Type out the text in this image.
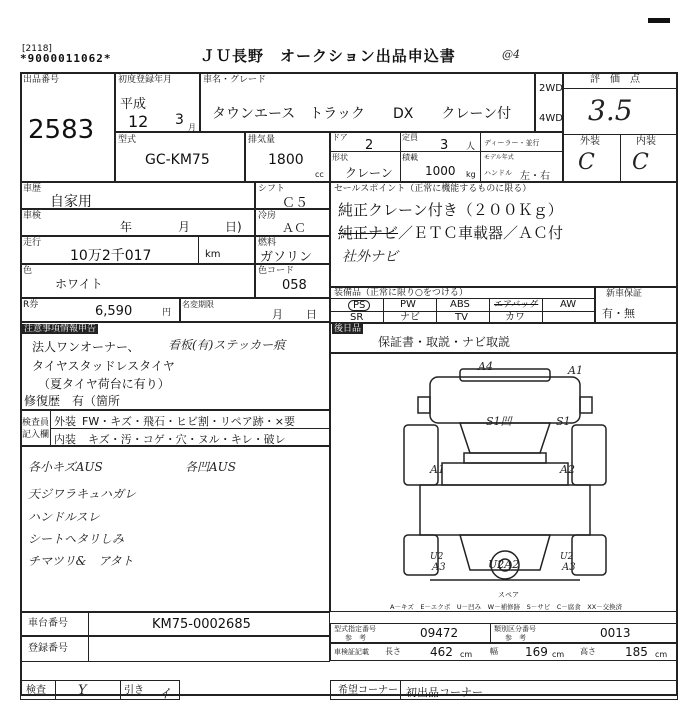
[2118]
*9000011062*	ＪＵ長野　オークション出品申込書	@4
出品番号
2583
初度登録年月
平成
12 3 月
車名・グレード
タウンエース　トラック　　DX　　クレーン付
2WD
4WD
評　価　点
3.5
外装	内装
C C
型式
GC-KM75
排気量
1800
cc
ドア
2
定員
3 人 ディーラー・並行
形状
クレーン
積載
1000 kg
モデル年式
ハンドル 左・右
車歴
自家用
シフト
Ｃ５
車検
年	月	日)
冷房
ＡＣ
走行
10万2千017	km
燃料
ガソリン
色
ホワイト
色コード
058
R券	6,590	円
名変期限
月 日
セールスポイント（正常に機能するものに限る）
純正クレーン付き（２００Ｋｇ）
純正ナビ／ＥＴＣ車載器／ＡＣ付
社外ナビ
装備品（正常に限り○をつける）
PS	PW	ABS	エアバッグ AW
SR	ナビ	TV	カワ
新車保証
有・無
注意事項情報申告
法人ワンオーナー、 看板(有)ステッカー痕
タイヤスタッドレスタイヤ
（夏タイヤ荷台に有り）
修復歴　有（箇所
後日品
保証書・取説・ナビ取説
検査員
記入欄
外装 FW・キズ・飛石・ヒビ割・リペア跡・×要
内装 キズ・汚・コゲ・穴・ヌル・キレ・破レ
各小キズAUS	各凹AUS
天ジワラキュハガレ
ハンドルスレ
シートヘタリしみ
チマツリ&　アタト
A4	A1
S1凹	S1
A1	A2
U2
A3	U2A2
U2
A3
スペア
A－キズ　E－エクボ　U－凹み　W－補修跡　S－サビ　C－腐食　XX－交換済
車台番号	KM75-0002685
登録番号
型式指定番号
参　考	09472	類別区分番号
参　考	0013
車検証記載 長さ 462 cm 幅 169 cm 高さ 185 cm
検査 Y	引き イ	希望コーナー 初出品コーナー
